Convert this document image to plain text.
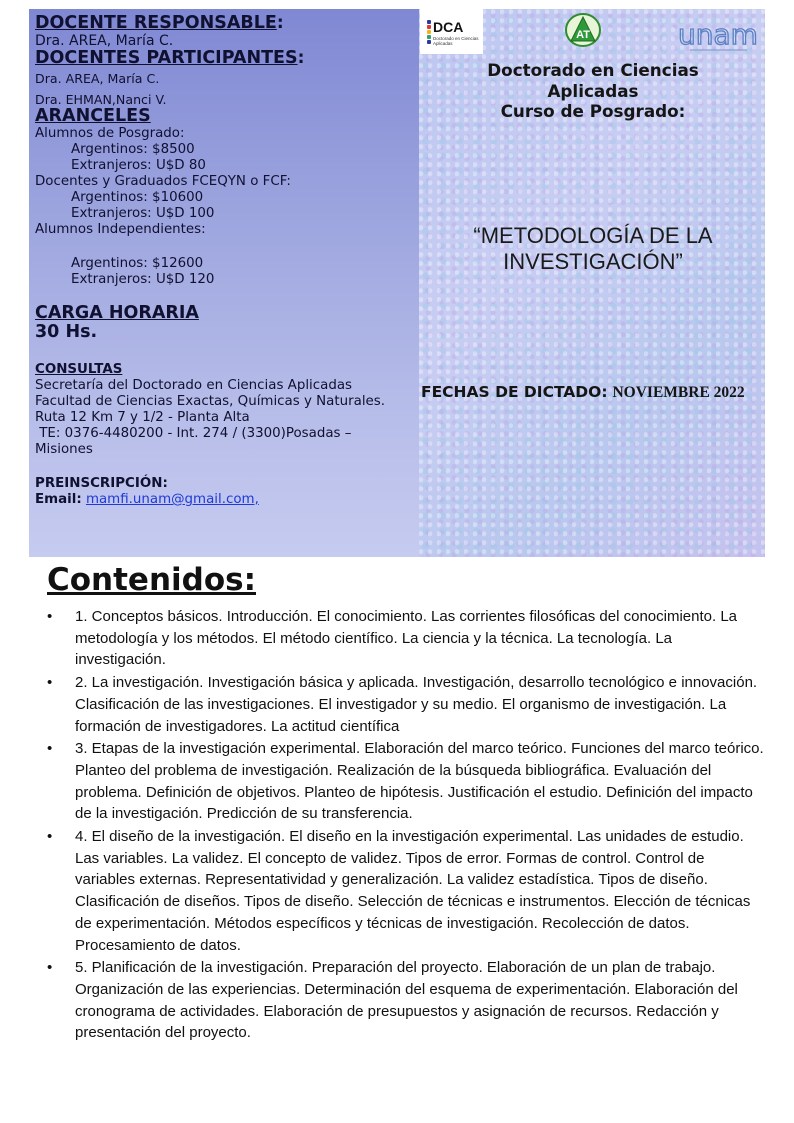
DOCENTE RESPONSABLE:
Dra. AREA, María C.
DOCENTES PARTICIPANTES:
Dra. AREA, María C.
Dra. EHMAN,Nanci V.
ARANCELES
Alumnos de Posgrado:
Argentinos: $8500
Extranjeros: U$D 80
Docentes y Graduados FCEQYN o FCF:
Argentinos: $10600
Extranjeros: U$D 100
Alumnos Independientes:
Argentinos: $12600
Extranjeros: U$D 120
CARGA HORARIA
30 Hs.
CONSULTAS
Secretaría del Doctorado en Ciencias Aplicadas
Facultad de Ciencias Exactas, Químicas y Naturales.
Ruta 12 Km 7 y 1/2 - Planta Alta
TE: 0376-4480200 - Int. 274 / (3300)Posadas –
Misiones
PREINSCRIPCIÓN:
Email: mamfi.unam@gmail.com,
DCA
Doctorado en Ciencias Aplicadas
AT	unam
Doctorado en Ciencias
Aplicadas
Curso de Posgrado:
“METODOLOGÍA DE LA INVESTIGACIÓN”
FECHAS DE DICTADO: NOVIEMBRE 2022
Contenidos:
• 1. Conceptos básicos. Introducción. El conocimiento. Las corrientes filosóficas del conocimiento. La metodología y los métodos. El método científico. La ciencia y la técnica. La tecnología. La investigación.
• 2. La investigación. Investigación básica y aplicada. Investigación, desarrollo tecnológico e innovación. Clasificación de las investigaciones. El investigador y su medio. El organismo de investigación. La formación de investigadores. La actitud científica
• 3. Etapas de la investigación experimental. Elaboración del marco teórico. Funciones del marco teórico. Planteo del problema de investigación. Realización de la búsqueda bibliográfica. Evaluación del problema. Definición de objetivos. Planteo de hipótesis. Justificación el estudio. Definición del impacto de la investigación. Predicción de su transferencia.
• 4. El diseño de la investigación. El diseño en la investigación experimental. Las unidades de estudio. Las variables. La validez. El concepto de validez. Tipos de error. Formas de control. Control de variables externas. Representatividad y generalización. La validez estadística. Tipos de diseño. Clasificación de diseños. Tipos de diseño. Selección de técnicas e instrumentos. Elección de técnicas de experimentación. Métodos específicos y técnicas de investigación. Recolección de datos. Procesamiento de datos.
• 5. Planificación de la investigación. Preparación del proyecto. Elaboración de un plan de trabajo. Organización de las experiencias. Determinación del esquema de experimentación. Elaboración del cronograma de actividades. Elaboración de presupuestos y asignación de recursos. Redacción y presentación del proyecto.
